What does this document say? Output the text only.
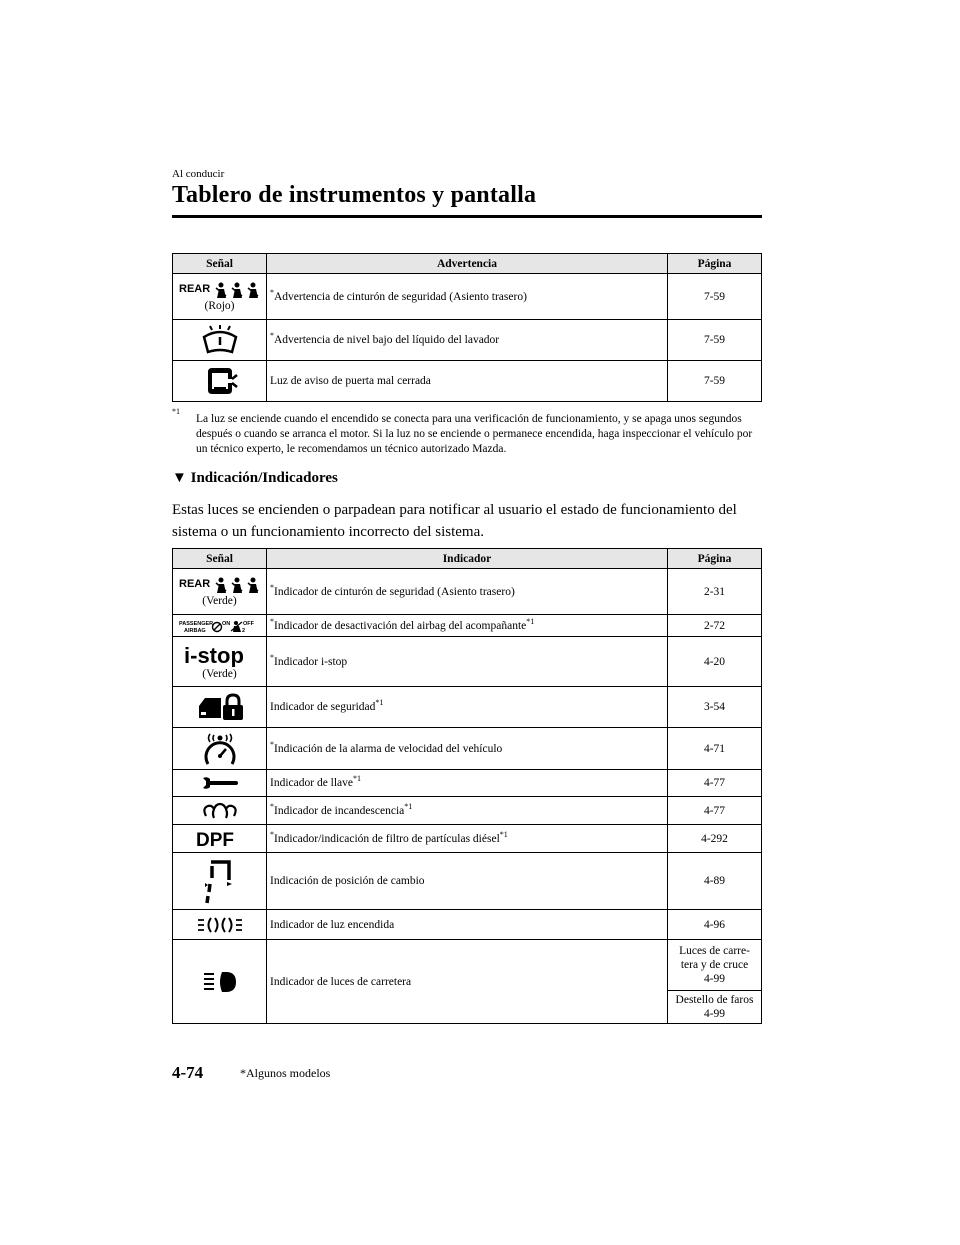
Al conducir
Tablero de instrumentos y pantalla
Señal	Advertencia	Página

REAR
(Rojo)	*Advertencia de cinturón de seguridad (Asiento trasero)	7-59

	*Advertencia de nivel bajo del líquido del lavador	7-59

	Luz de aviso de puerta mal cerrada	7-59
*1
La luz se enciende cuando el encendido se conecta para una verificación de funcionamiento, y se apaga unos segundos después o cuando se arranca el motor. Si la luz no se enciende o permanece encendida, haga inspeccionar el vehículo por un técnico experto, le recomendamos un técnico autorizado Mazda.
▼ Indicación/Indicadores
Estas luces se encienden o parpadean para notificar al usuario el estado de funcionamiento del sistema o un funcionamiento incorrecto del sistema.
Señal	Indicador	Página

REAR
(Verde)	*Indicador de cinturón de seguridad (Asiento trasero)	2-31

PASSENGER
AIRBAG
ON OFF
2	*Indicador de desactivación del airbag del acompañante$^{*1}$	2-72

i-stop
(Verde)	*Indicador i-stop	4-20

	Indicador de seguridad$^{*1}$	3-54

	*Indicación de la alarma de velocidad del vehículo	4-71

	Indicador de llave$^{*1}$	4-77

	*Indicador de incandescencia$^{*1}$	4-77

DPF	*Indicador/indicación de filtro de partículas diésel$^{*1}$	4-292

	Indicación de posición de cambio	4-89

	Indicador de luz encendida	4-96

	Indicador de luces de carretera	Luces de carre-
tera y de cruce
4-99
		Destello de faros
4-99
4-74	*Algunos modelos
